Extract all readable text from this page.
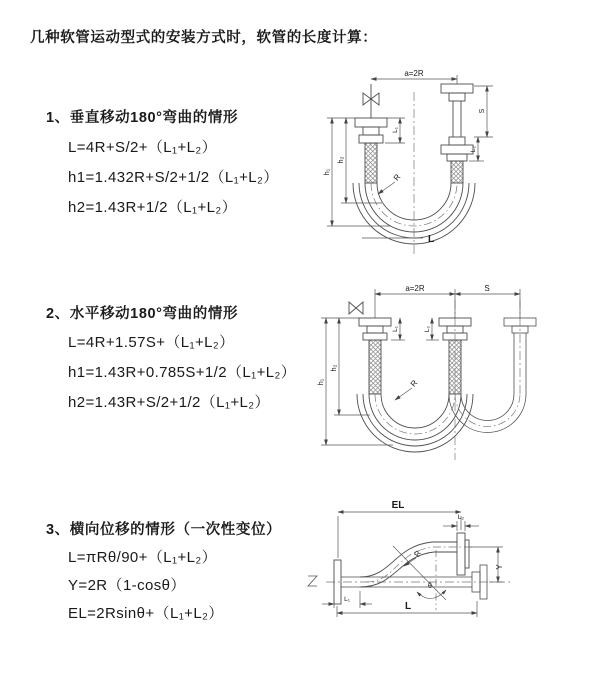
几种软管运动型式的安装方式时，软管的长度计算：
1、垂直移动180°弯曲的情形
L=4R+S/2+（L₁+L₂）
h1=1.432R+S/2+1/2（L₁+L₂）
h2=1.43R+1/2（L₁+L₂）
2、水平移动180°弯曲的情形
L=4R+1.57S+（L₁+L₂）
h1=1.43R+0.785S+1/2（L₁+L₂）
h2=1.43R+S/2+1/2（L₁+L₂）
3、横向位移的情形（一次性变位）
L=πRθ/90+（L₁+L₂）
Y=2R（1-cosθ）
EL=2Rsinθ+（L₁+L₂）
a=2R
h₁
h₂
L₁
S
L₂
R
L
a=2R	S
h₁
h₂
L₁	L₂
R
EL
L₂
Y
L
L₁
R
θ
